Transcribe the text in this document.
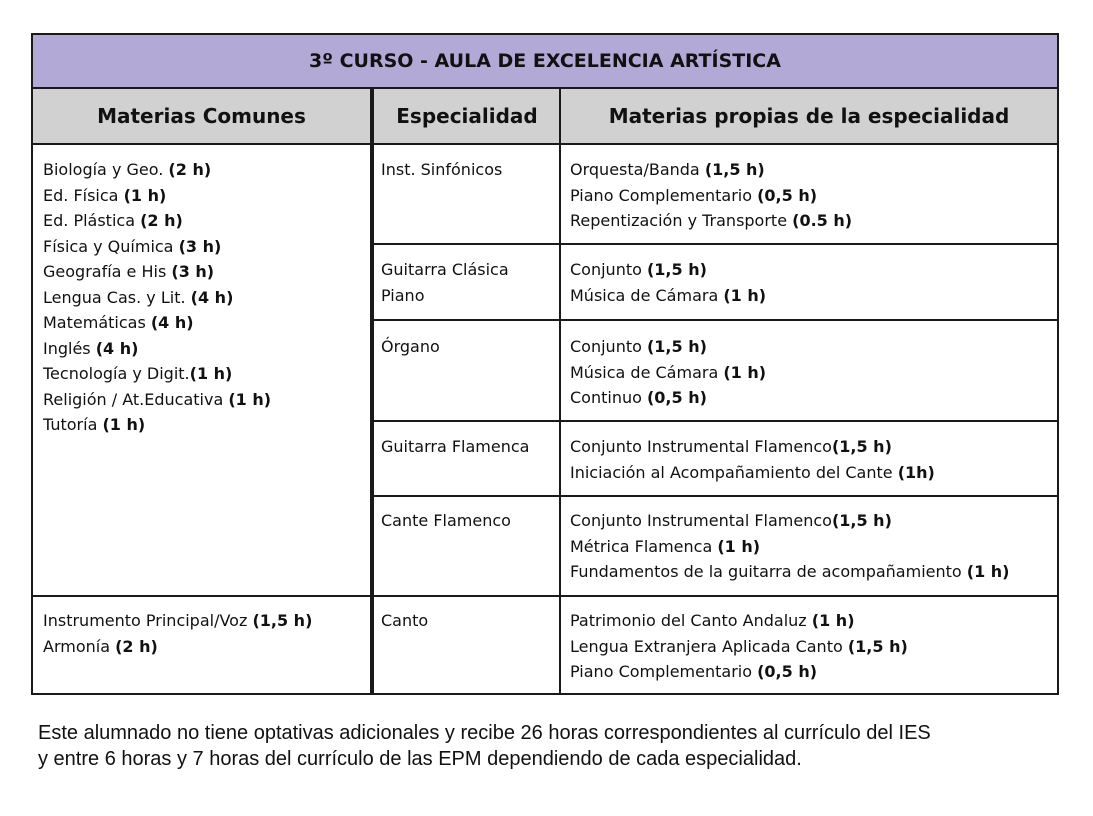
3º CURSO - AULA DE EXCELENCIA ARTÍSTICA
Materias Comunes	Especialidad	Materias propias de la especialidad
Biología y Geo. (2 h)
Ed. Física (1 h)
Ed. Plástica (2 h)
Física y Química (3 h)
Geografía e His (3 h)
Lengua Cas. y Lit. (4 h)
Matemáticas (4 h)
Inglés (4 h)
Tecnología y Digit.(1 h)
Religión / At.Educativa (1 h)
Tutoría (1 h)
Instrumento Principal/Voz (1,5 h)
Armonía (2 h)
Inst. Sinfónicos
Guitarra Clásica
Piano
Órgano
Guitarra Flamenca
Cante Flamenco
Canto
Orquesta/Banda (1,5 h)
Piano Complementario (0,5 h)
Repentización y Transporte (0.5 h)
Conjunto (1,5 h)
Música de Cámara (1 h)
Conjunto (1,5 h)
Música de Cámara (1 h)
Continuo (0,5 h)
Conjunto Instrumental Flamenco(1,5 h)
Iniciación al Acompañamiento del Cante (1h)
Conjunto Instrumental Flamenco(1,5 h)
Métrica Flamenca (1 h)
Fundamentos de la guitarra de acompañamiento (1 h)
Patrimonio del Canto Andaluz (1 h)
Lengua Extranjera Aplicada Canto (1,5 h)
Piano Complementario (0,5 h)
Este alumnado no tiene optativas adicionales y recibe 26 horas correspondientes al currículo del IES
y entre 6 horas y 7 horas del currículo de las EPM dependiendo de cada especialidad.
